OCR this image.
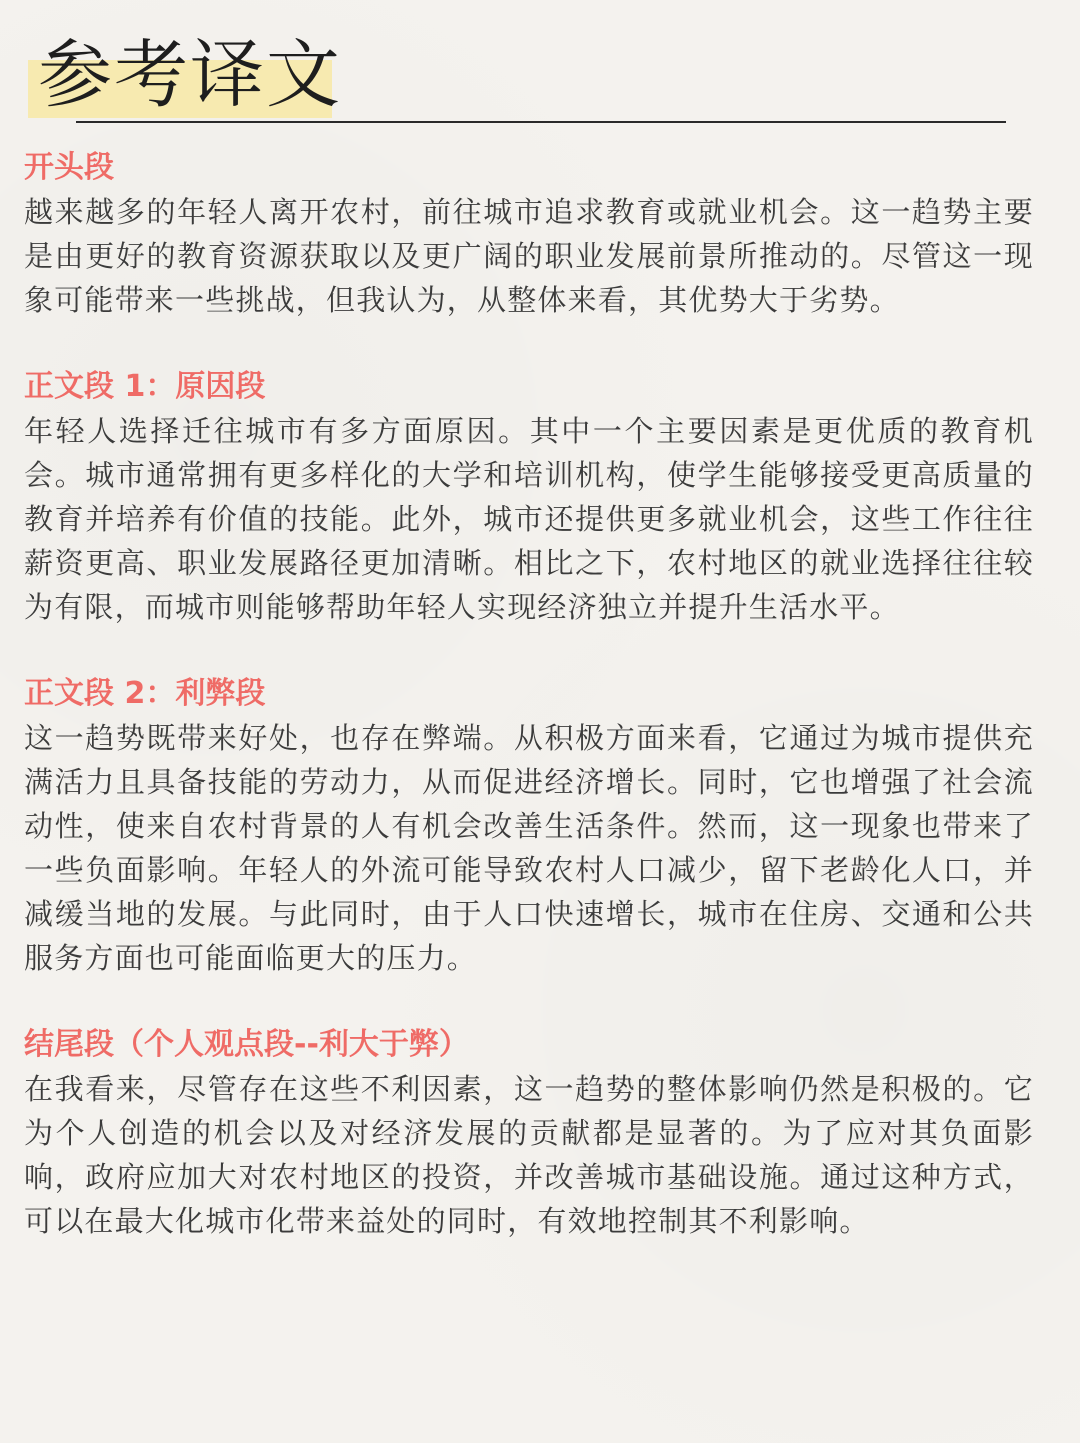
参考译文
开头段

越来越多的年轻人离开农村，前往城市追求教育或就业机会。这一趋势主要是由更好的教育资源获取以及更广阔的职业发展前景所推动的。尽管这一现象可能带来一些挑战，但我认为，从整体来看，其优势大于劣势。

正文段 1：原因段

年轻人选择迁往城市有多方面原因。其中一个主要因素是更优质的教育机会。城市通常拥有更多样化的大学和培训机构，使学生能够接受更高质量的教育并培养有价值的技能。此外，城市还提供更多就业机会，这些工作往往薪资更高、职业发展路径更加清晰。相比之下，农村地区的就业选择往往较为有限，而城市则能够帮助年轻人实现经济独立并提升生活水平。

正文段 2：利弊段

这一趋势既带来好处，也存在弊端。从积极方面来看，它通过为城市提供充满活力且具备技能的劳动力，从而促进经济增长。同时，它也增强了社会流动性，使来自农村背景的人有机会改善生活条件。然而，这一现象也带来了一些负面影响。年轻人的外流可能导致农村人口减少，留下老龄化人口，并减缓当地的发展。与此同时，由于人口快速增长，城市在住房、交通和公共服务方面也可能面临更大的压力。

结尾段（个人观点段--利大于弊）

在我看来，尽管存在这些不利因素，这一趋势的整体影响仍然是积极的。它为个人创造的机会以及对经济发展的贡献都是显著的。为了应对其负面影响，政府应加大对农村地区的投资，并改善城市基础设施。通过这种方式，可以在最大化城市化带来益处的同时，有效地控制其不利影响。
